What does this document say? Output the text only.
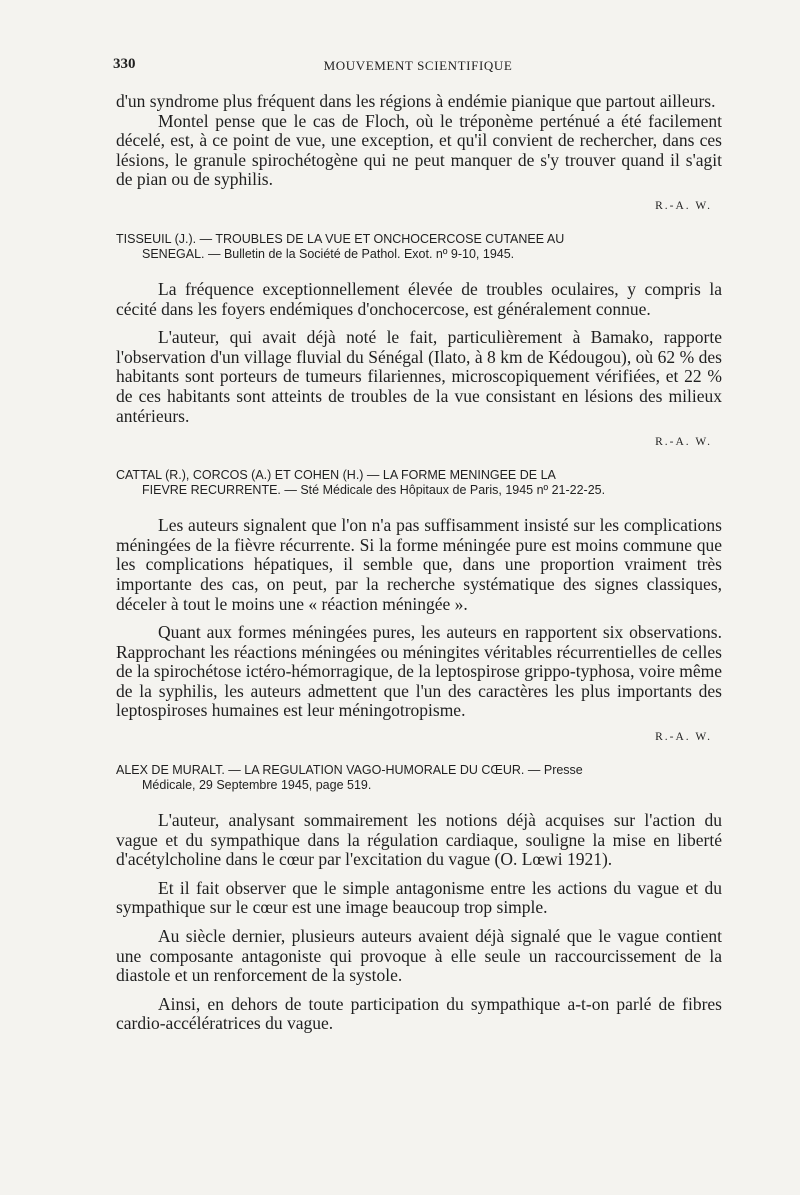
330	MOUVEMENT SCIENTIFIQUE

d'un syndrome plus fréquent dans les régions à endémie pianique que partout ailleurs.

Montel pense que le cas de Floch, où le tréponème perténué a été facilement décelé, est, à ce point de vue, une exception, et qu'il convient de rechercher, dans ces lésions, le granule spirochétogène qui ne peut manquer de s'y trouver quand il s'agit de pian ou de syphilis.

R.-A. W.

TISSEUIL (J.). — TROUBLES DE LA VUE ET ONCHOCERCOSE CUTANEE AU
SENEGAL. — Bulletin de la Société de Pathol. Exot. nº 9-10, 1945.

La fréquence exceptionnellement élevée de troubles oculaires, y compris la cécité dans les foyers endémiques d'onchocercose, est généralement connue.

L'auteur, qui avait déjà noté le fait, particulièrement à Bamako, rapporte l'observation d'un village fluvial du Sénégal (Ilato, à 8 km de Kédougou), où 62 % des habitants sont porteurs de tumeurs filariennes, microscopiquement vérifiées, et 22 % de ces habitants sont atteints de troubles de la vue consistant en lésions des milieux antérieurs.

R.-A. W.

CATTAL (R.), CORCOS (A.) ET COHEN (H.) — LA FORME MENINGEE DE LA
FIEVRE RECURRENTE. — Sté Médicale des Hôpitaux de Paris, 1945 nº 21-22-25.

Les auteurs signalent que l'on n'a pas suffisamment insisté sur les complications méningées de la fièvre récurrente. Si la forme méningée pure est moins commune que les complications hépatiques, il semble que, dans une proportion vraiment très importante des cas, on peut, par la recherche systématique des signes classiques, déceler à tout le moins une « réaction méningée ».

Quant aux formes méningées pures, les auteurs en rapportent six observations. Rapprochant les réactions méningées ou méningites véritables récurrentielles de celles de la spirochétose ictéro-hémorragique, de la leptospirose grippo-typhosa, voire même de la syphilis, les auteurs admettent que l'un des caractères les plus importants des leptospiroses humaines est leur méningotropisme.

R.-A. W.

ALEX DE MURALT. — LA REGULATION VAGO-HUMORALE DU CŒUR. — Presse
Médicale, 29 Septembre 1945, page 519.

L'auteur, analysant sommairement les notions déjà acquises sur l'action du vague et du sympathique dans la régulation cardiaque, souligne la mise en liberté d'acétylcholine dans le cœur par l'excitation du vague (O. Lœwi 1921).

Et il fait observer que le simple antagonisme entre les actions du vague et du sympathique sur le cœur est une image beaucoup trop simple.

Au siècle dernier, plusieurs auteurs avaient déjà signalé que le vague contient une composante antagoniste qui provoque à elle seule un raccourcissement de la diastole et un renforcement de la systole.

Ainsi, en dehors de toute participation du sympathique a-t-on parlé de fibres cardio-accélératrices du vague.
